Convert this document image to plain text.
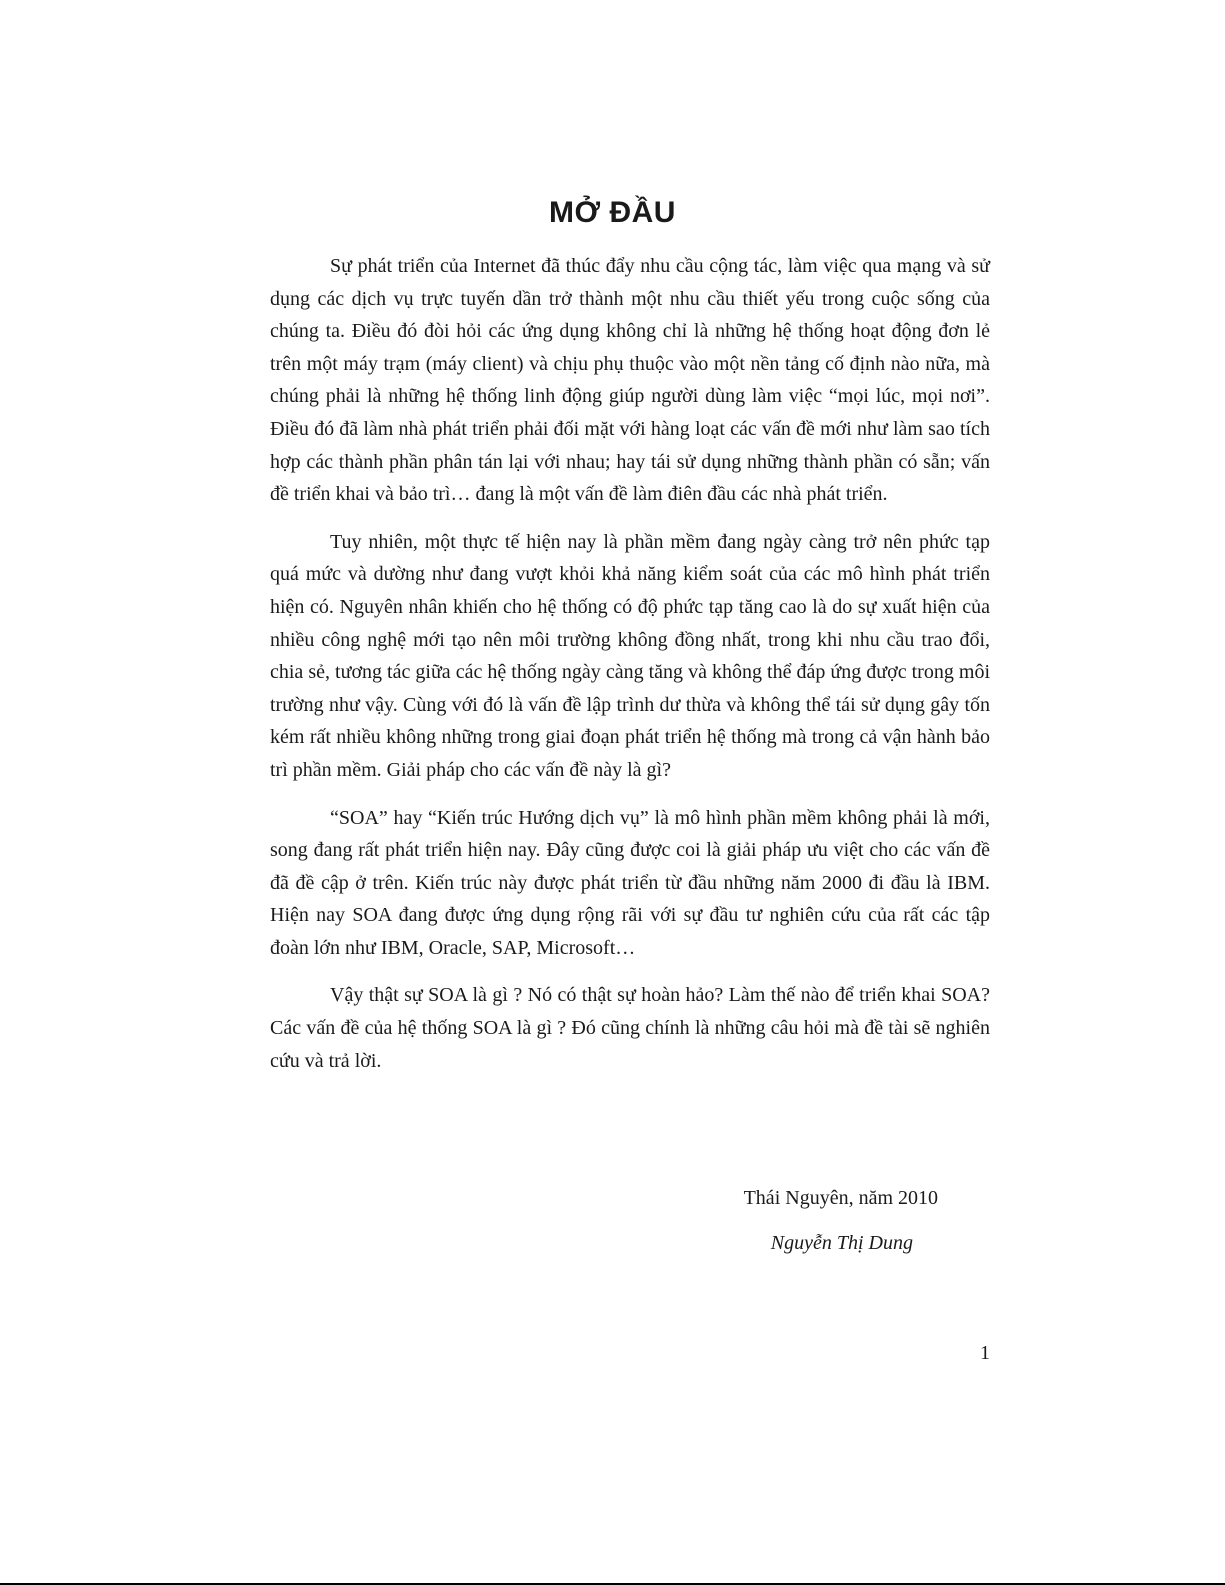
MỞ ĐẦU

Sự phát triển của Internet đã thúc đẩy nhu cầu cộng tác, làm việc qua mạng và sử dụng các dịch vụ trực tuyến dần trở thành một nhu cầu thiết yếu trong cuộc sống của chúng ta. Điều đó đòi hỏi các ứng dụng không chỉ là những hệ thống hoạt động đơn lẻ trên một máy trạm (máy client) và chịu phụ thuộc vào một nền tảng cố định nào nữa, mà chúng phải là những hệ thống linh động giúp người dùng làm việc “mọi lúc, mọi nơi”. Điều đó đã làm nhà phát triển phải đối mặt với hàng loạt các vấn đề mới như làm sao tích hợp các thành phần phân tán lại với nhau; hay tái sử dụng những thành phần có sẵn; vấn đề triển khai và bảo trì… đang là một vấn đề làm điên đầu các nhà phát triển.

Tuy nhiên, một thực tế hiện nay là phần mềm đang ngày càng trở nên phức tạp quá mức và dường như đang vượt khỏi khả năng kiểm soát của các mô hình phát triển hiện có. Nguyên nhân khiến cho hệ thống có độ phức tạp tăng cao là do sự xuất hiện của nhiều công nghệ mới tạo nên môi trường không đồng nhất, trong khi nhu cầu trao đổi, chia sẻ, tương tác giữa các hệ thống ngày càng tăng và không thể đáp ứng được trong môi trường như vậy. Cùng với đó là vấn đề lập trình dư thừa và không thể tái sử dụng gây tốn kém rất nhiều không những trong giai đoạn phát triển hệ thống mà trong cả vận hành bảo trì phần mềm. Giải pháp cho các vấn đề này là gì?

“SOA” hay “Kiến trúc Hướng dịch vụ” là mô hình phần mềm không phải là mới, song đang rất phát triển hiện nay. Đây cũng được coi là giải pháp ưu việt cho các vấn đề đã đề cập ở trên. Kiến trúc này được phát triển từ đầu những năm 2000 đi đầu là IBM. Hiện nay SOA đang được ứng dụng rộng rãi với sự đầu tư nghiên cứu của rất các tập đoàn lớn như IBM, Oracle, SAP, Microsoft…

Vậy thật sự SOA là gì ? Nó có thật sự hoàn hảo? Làm thế nào để triển khai SOA? Các vấn đề của hệ thống SOA là gì ? Đó cũng chính là những câu hỏi mà đề tài sẽ nghiên cứu và trả lời.

Thái Nguyên, năm 2010

Nguyễn Thị Dung

1
